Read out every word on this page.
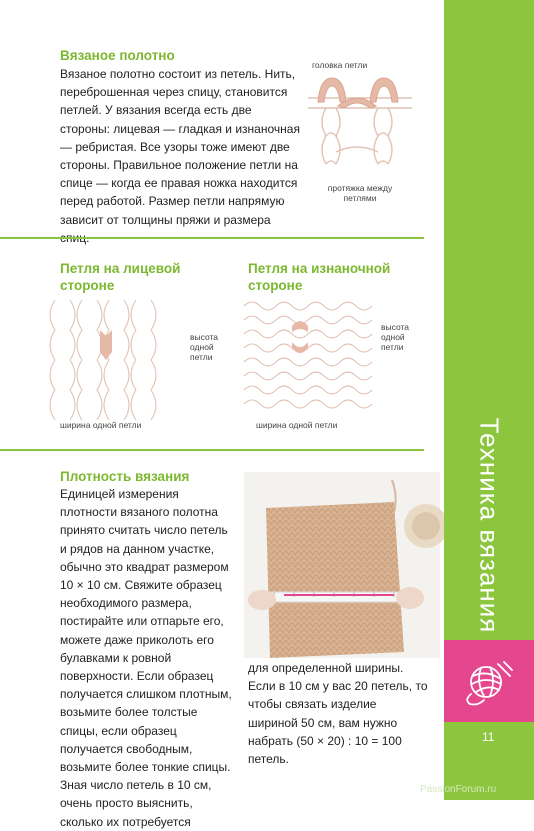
Вязаное полотно
Вязаное полотно состоит из петель. Нить, переброшенная через спицу, становится петлей. У вязания всегда есть две стороны: лицевая — гладкая и изнаночная — ребристая. Все узоры тоже имеют две стороны. Правильное положение петли на спице — когда ее правая ножка находится перед работой. Размер петли напрямую зависит от толщины пряжи и размера
головка петли
протяжка между петлями
Петля на лицевой стороне
высота одной петли
ширина одной петли
Петля на изнаночной стороне
высота одной петли
ширина одной петли
Плотность вязания
Единицей измерения плотности вязаного полотна принято считать число петель и рядов на данном участке, обычно это квадрат размером 10 × 10 см. Свяжите образец необходимого размера, постирайте или отпарьте его, можете даже приколоть его булавками к ровной поверхности. Если образец получается слишком плотным, возьмите более толстые спицы, если образец получается свободным, возьмите более тонкие спицы. Зная число петель в 10 см, очень просто выяснить, сколько их потребуется
для определенной ширины. Если в 10 см у вас 20 петель, то чтобы связать изделие шириной 50 см, вам нужно набрать (50 × 20) : 10 = 100 петель.
Техника вязания
11
PassionForum.ru
